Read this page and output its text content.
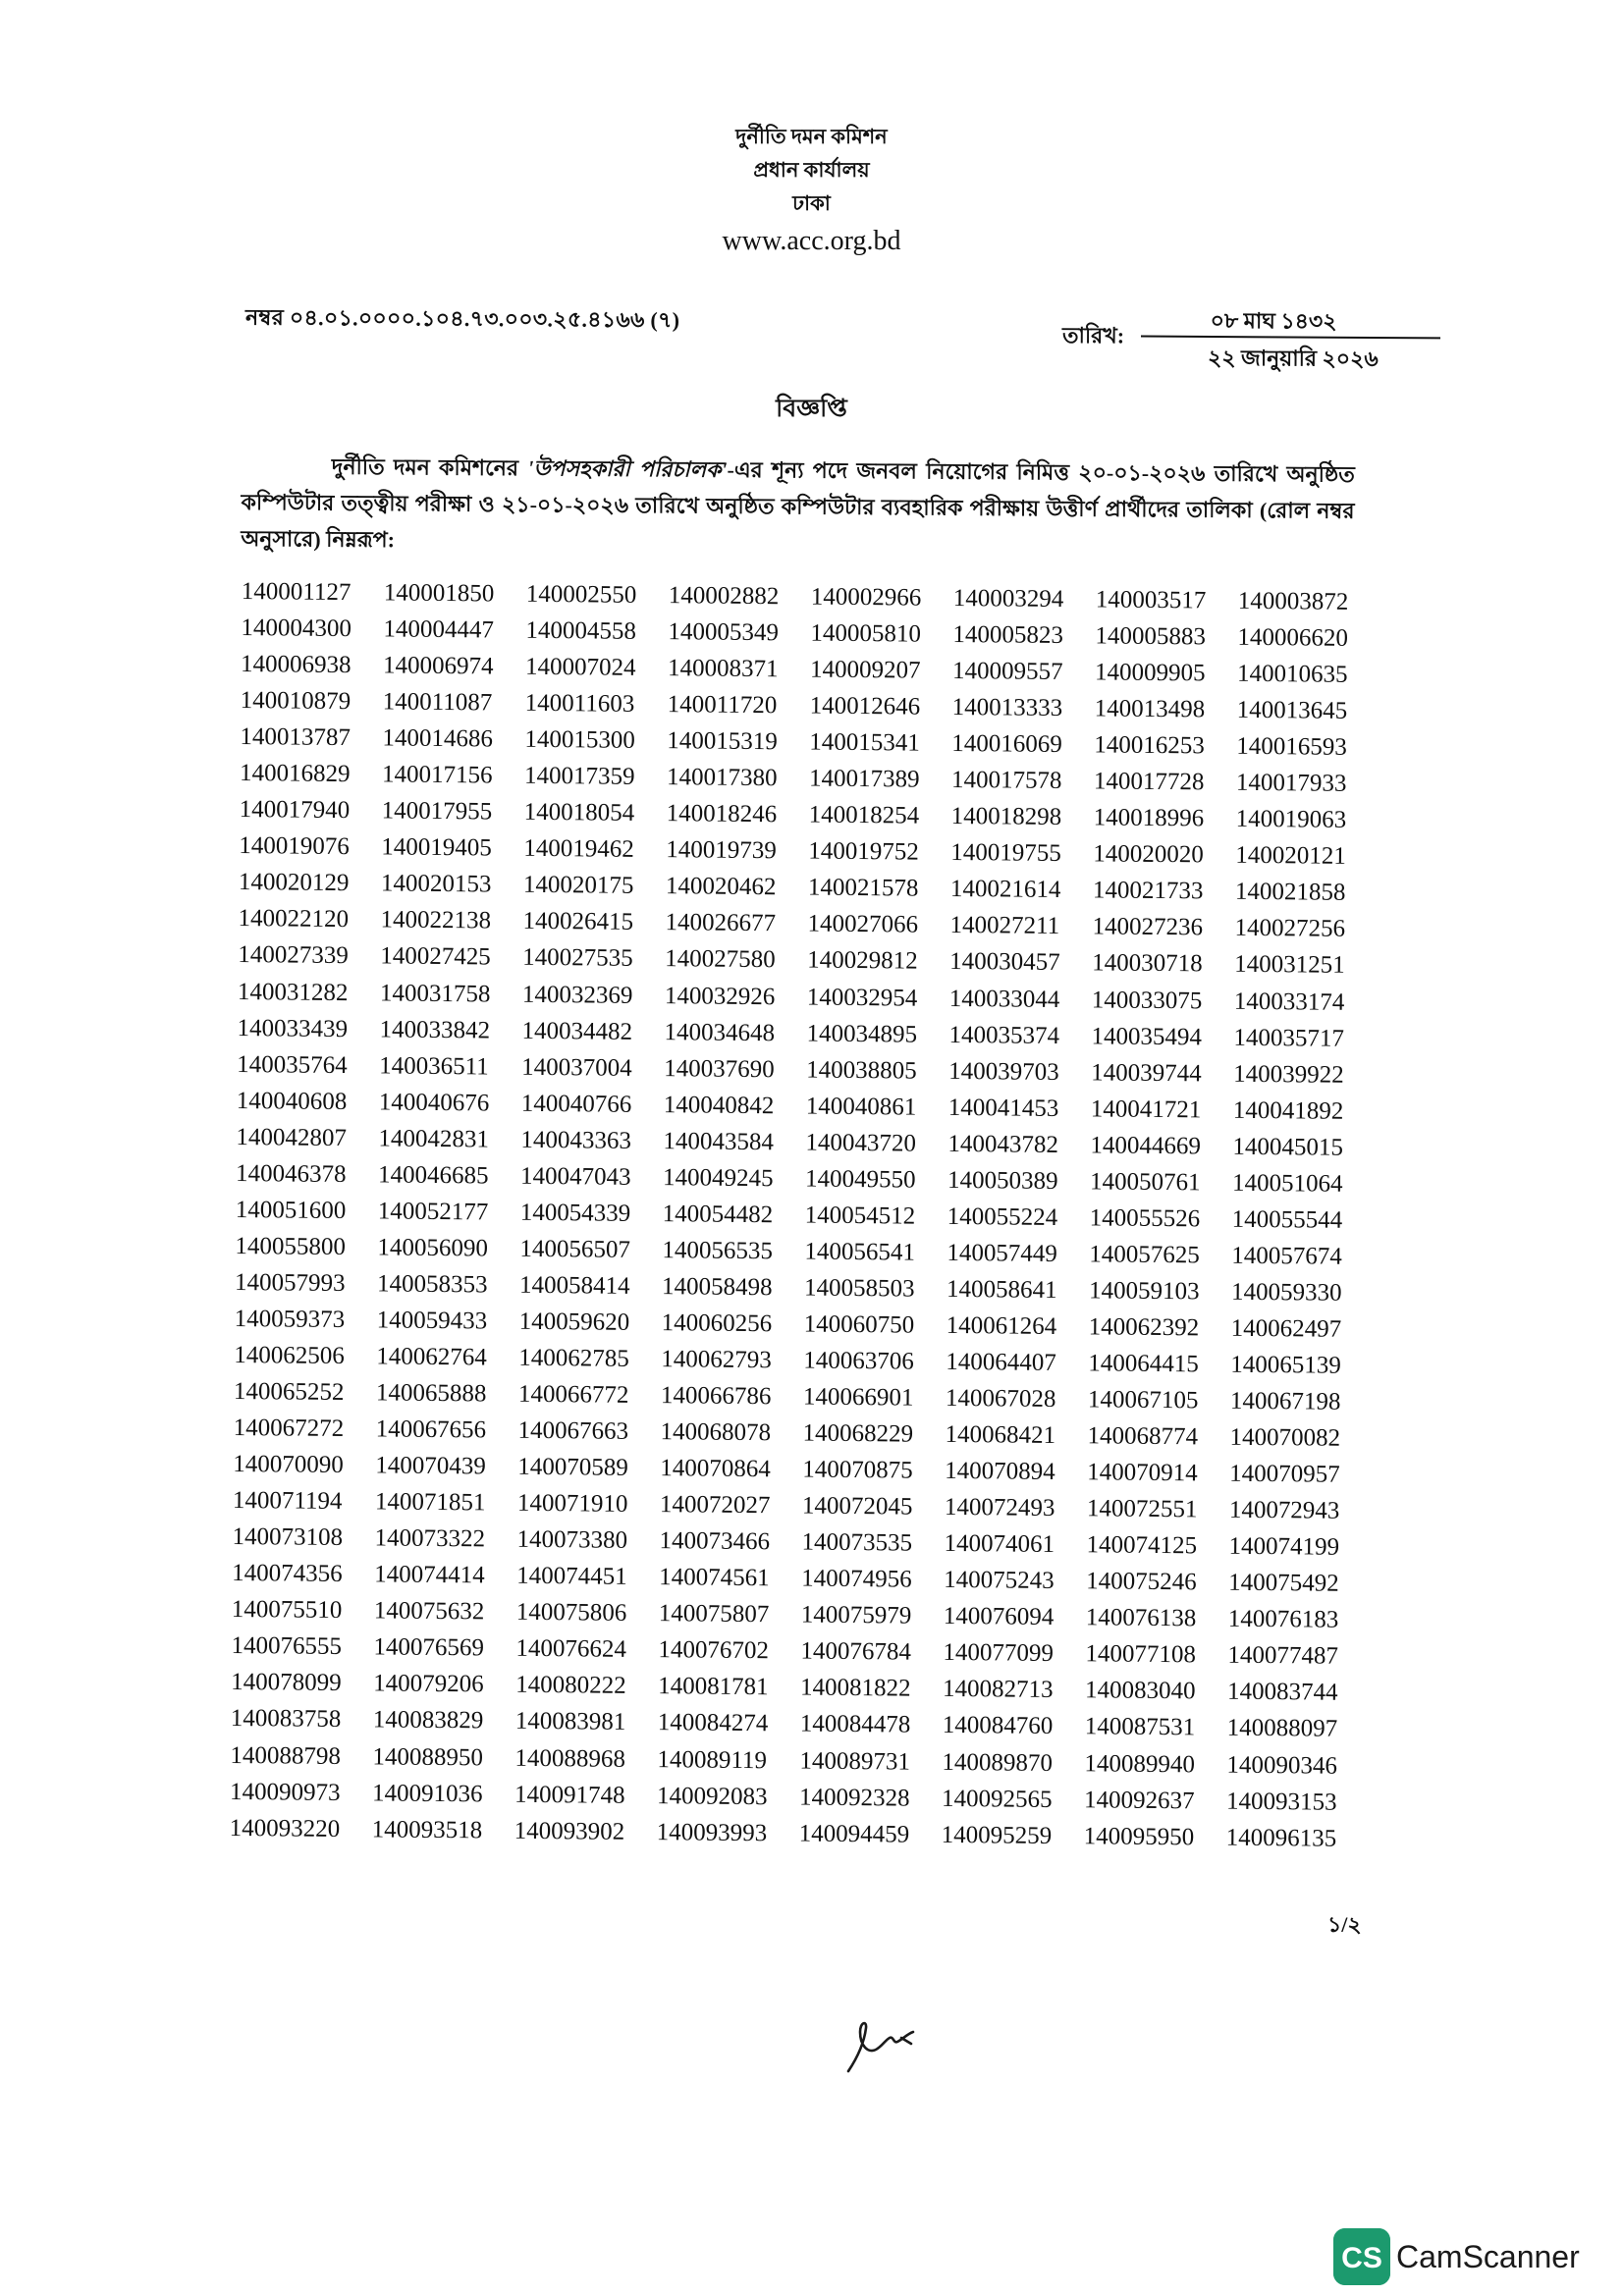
দুর্নীতি দমন কমিশন
প্রধান কার্যালয়
ঢাকা
www.acc.org.bd
নম্বর ০৪.০১.০০০০.১০৪.৭৩.০০৩.২৫.৪১৬৬ (৭)
তারিখ:
০৮ মাঘ ১৪৩২
২২ জানুয়ারি ২০২৬
বিজ্ঞপ্তি
দুর্নীতি দমন কমিশনের 'উপসহকারী পরিচালক'-এর শূন্য পদে জনবল নিয়োগের নিমিত্ত ২০-০১-২০২৬ তারিখে অনুষ্ঠিত কম্পিউটার তত্ত্বীয় পরীক্ষা ও ২১-০১-২০২৬ তারিখে অনুষ্ঠিত কম্পিউটার ব্যবহারিক পরীক্ষায় উত্তীর্ণ প্রার্থীদের তালিকা (রোল নম্বর অনুসারে) নিম্নরূপ:
140001127	140001850	140002550	140002882	140002966	140003294	140003517	140003872
140004300	140004447	140004558	140005349	140005810	140005823	140005883	140006620
140006938	140006974	140007024	140008371	140009207	140009557	140009905	140010635
140010879	140011087	140011603	140011720	140012646	140013333	140013498	140013645
140013787	140014686	140015300	140015319	140015341	140016069	140016253	140016593
140016829	140017156	140017359	140017380	140017389	140017578	140017728	140017933
140017940	140017955	140018054	140018246	140018254	140018298	140018996	140019063
140019076	140019405	140019462	140019739	140019752	140019755	140020020	140020121
140020129	140020153	140020175	140020462	140021578	140021614	140021733	140021858
140022120	140022138	140026415	140026677	140027066	140027211	140027236	140027256
140027339	140027425	140027535	140027580	140029812	140030457	140030718	140031251
140031282	140031758	140032369	140032926	140032954	140033044	140033075	140033174
140033439	140033842	140034482	140034648	140034895	140035374	140035494	140035717
140035764	140036511	140037004	140037690	140038805	140039703	140039744	140039922
140040608	140040676	140040766	140040842	140040861	140041453	140041721	140041892
140042807	140042831	140043363	140043584	140043720	140043782	140044669	140045015
140046378	140046685	140047043	140049245	140049550	140050389	140050761	140051064
140051600	140052177	140054339	140054482	140054512	140055224	140055526	140055544
140055800	140056090	140056507	140056535	140056541	140057449	140057625	140057674
140057993	140058353	140058414	140058498	140058503	140058641	140059103	140059330
140059373	140059433	140059620	140060256	140060750	140061264	140062392	140062497
140062506	140062764	140062785	140062793	140063706	140064407	140064415	140065139
140065252	140065888	140066772	140066786	140066901	140067028	140067105	140067198
140067272	140067656	140067663	140068078	140068229	140068421	140068774	140070082
140070090	140070439	140070589	140070864	140070875	140070894	140070914	140070957
140071194	140071851	140071910	140072027	140072045	140072493	140072551	140072943
140073108	140073322	140073380	140073466	140073535	140074061	140074125	140074199
140074356	140074414	140074451	140074561	140074956	140075243	140075246	140075492
140075510	140075632	140075806	140075807	140075979	140076094	140076138	140076183
140076555	140076569	140076624	140076702	140076784	140077099	140077108	140077487
140078099	140079206	140080222	140081781	140081822	140082713	140083040	140083744
140083758	140083829	140083981	140084274	140084478	140084760	140087531	140088097
140088798	140088950	140088968	140089119	140089731	140089870	140089940	140090346
140090973	140091036	140091748	140092083	140092328	140092565	140092637	140093153
140093220	140093518	140093902	140093993	140094459	140095259	140095950	140096135
১/২
CS CamScanner
